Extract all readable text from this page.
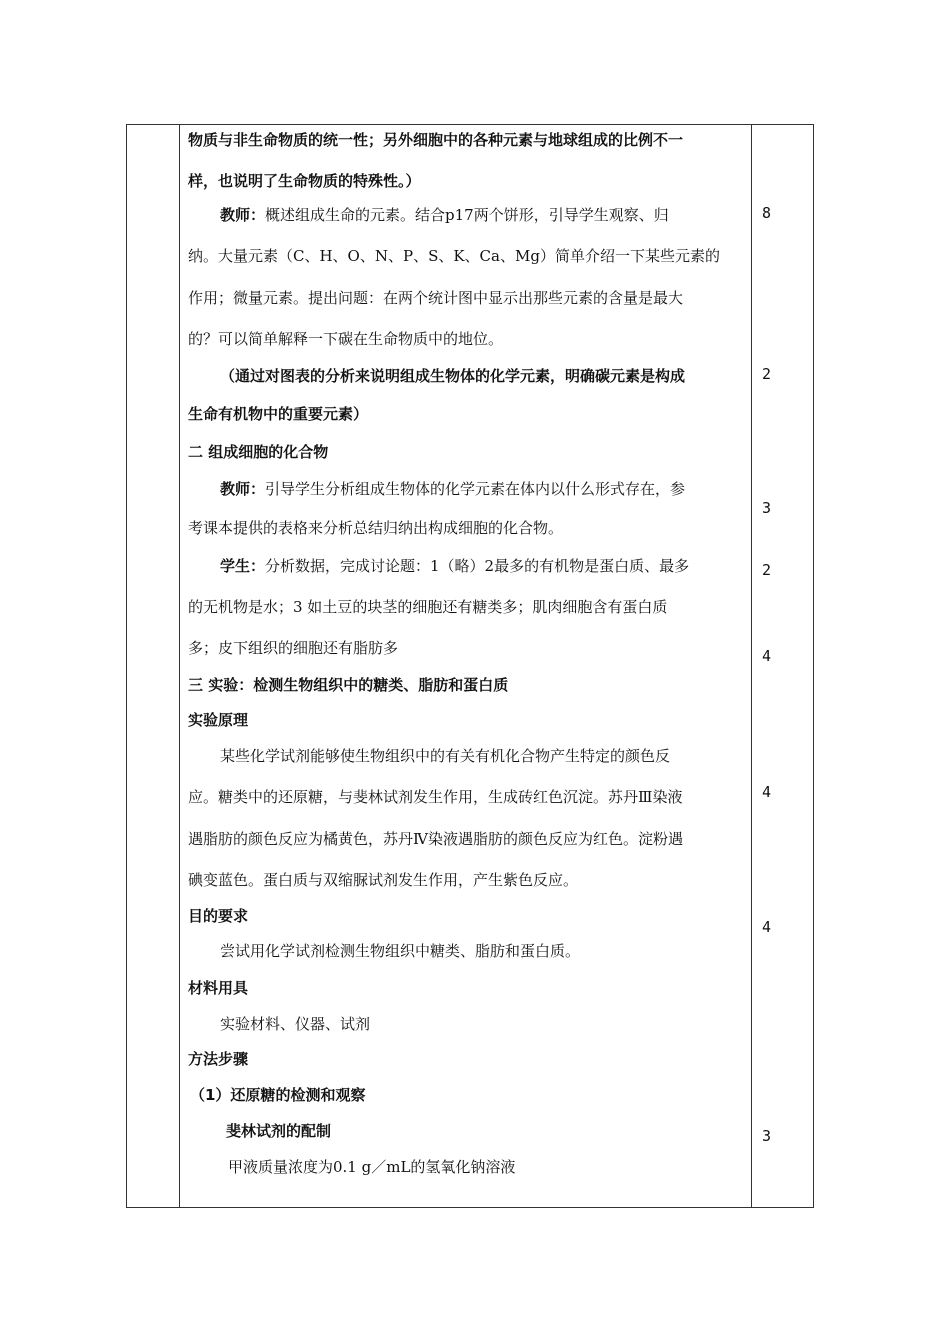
物质与非生命物质的统一性；另外细胞中的各种元素与地球组成的比例不一
样，也说明了生命物质的特殊性。）
教师：概述组成生命的元素。结合p17两个饼形，引导学生观察、归
纳。大量元素（C、H、O、N、P、S、K、Ca、Mg）简单介绍一下某些元素的
作用；微量元素。提出问题：在两个统计图中显示出那些元素的含量是最大
的？可以简单解释一下碳在生命物质中的地位。
（通过对图表的分析来说明组成生物体的化学元素，明确碳元素是构成
生命有机物中的重要元素）
二 组成细胞的化合物
教师：引导学生分析组成生物体的化学元素在体内以什么形式存在，参
考课本提供的表格来分析总结归纳出构成细胞的化合物。
学生：分析数据，完成讨论题：1（略）2最多的有机物是蛋白质、最多
的无机物是水；3 如土豆的块茎的细胞还有糖类多；肌肉细胞含有蛋白质
多；皮下组织的细胞还有脂肪多
三 实验：检测生物组织中的糖类、脂肪和蛋白质
实验原理
某些化学试剂能够使生物组织中的有关有机化合物产生特定的颜色反
应。糖类中的还原糖，与斐林试剂发生作用，生成砖红色沉淀。苏丹Ⅲ染液
遇脂肪的颜色反应为橘黄色，苏丹Ⅳ染液遇脂肪的颜色反应为红色。淀粉遇
碘变蓝色。蛋白质与双缩脲试剂发生作用，产生紫色反应。
目的要求
尝试用化学试剂检测生物组织中糖类、脂肪和蛋白质。
材料用具
实验材料、仪器、试剂
方法步骤
（1）还原糖的检测和观察
斐林试剂的配制
甲液质量浓度为0.1 g／mL的氢氧化钠溶液
8
2
3
2
4
4
4
3
